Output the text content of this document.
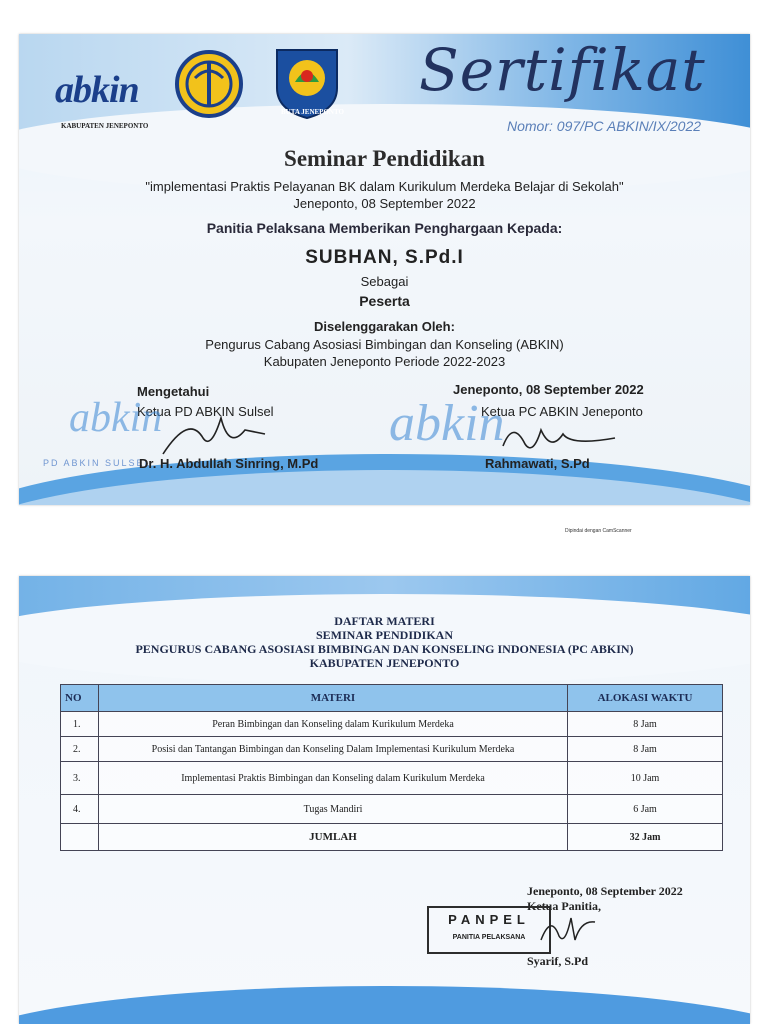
abkin
KABUPATEN JENEPONTO
BUTA JENEPONTO
Sertifikat
Nomor: 097/PC ABKIN/IX/2022
Seminar Pendidikan
"implementasi Praktis Pelayanan BK dalam Kurikulum Merdeka Belajar di Sekolah"
Jeneponto, 08 September 2022
Panitia Pelaksana Memberikan Penghargaan Kepada:
SUBHAN, S.Pd.I
Sebagai
Peserta
Diselenggarakan Oleh:
Pengurus Cabang Asosiasi Bimbingan dan Konseling (ABKIN)
Kabupaten Jeneponto Periode 2022-2023
Mengetahui
Ketua PD ABKIN Sulsel
abkin
PD ABKIN SULSEL
Dr. H. Abdullah Sinring, M.Pd
Jeneponto, 08 September 2022
Ketua PC ABKIN Jeneponto
abkin
Rahmawati, S.Pd
Dipindai dengan CamScanner
DAFTAR MATERI
SEMINAR PENDIDIKAN
PENGURUS CABANG ASOSIASI BIMBINGAN DAN KONSELING INDONESIA (PC ABKIN)
KABUPATEN JENEPONTO
NO	MATERI	ALOKASI WAKTU
1.	Peran Bimbingan dan Konseling dalam Kurikulum Merdeka	8 Jam
2.	Posisi dan Tantangan Bimbingan dan Konseling Dalam Implementasi Kurikulum Merdeka	8 Jam
3.	Implementasi Praktis Bimbingan dan Konseling dalam Kurikulum Merdeka	10 Jam
4.	Tugas Mandiri	6 Jam
	JUMLAH	32 Jam
Jeneponto, 08 September 2022
Ketua Panitia,
PANPEL
PANITIA PELAKSANA
Syarif, S.Pd
